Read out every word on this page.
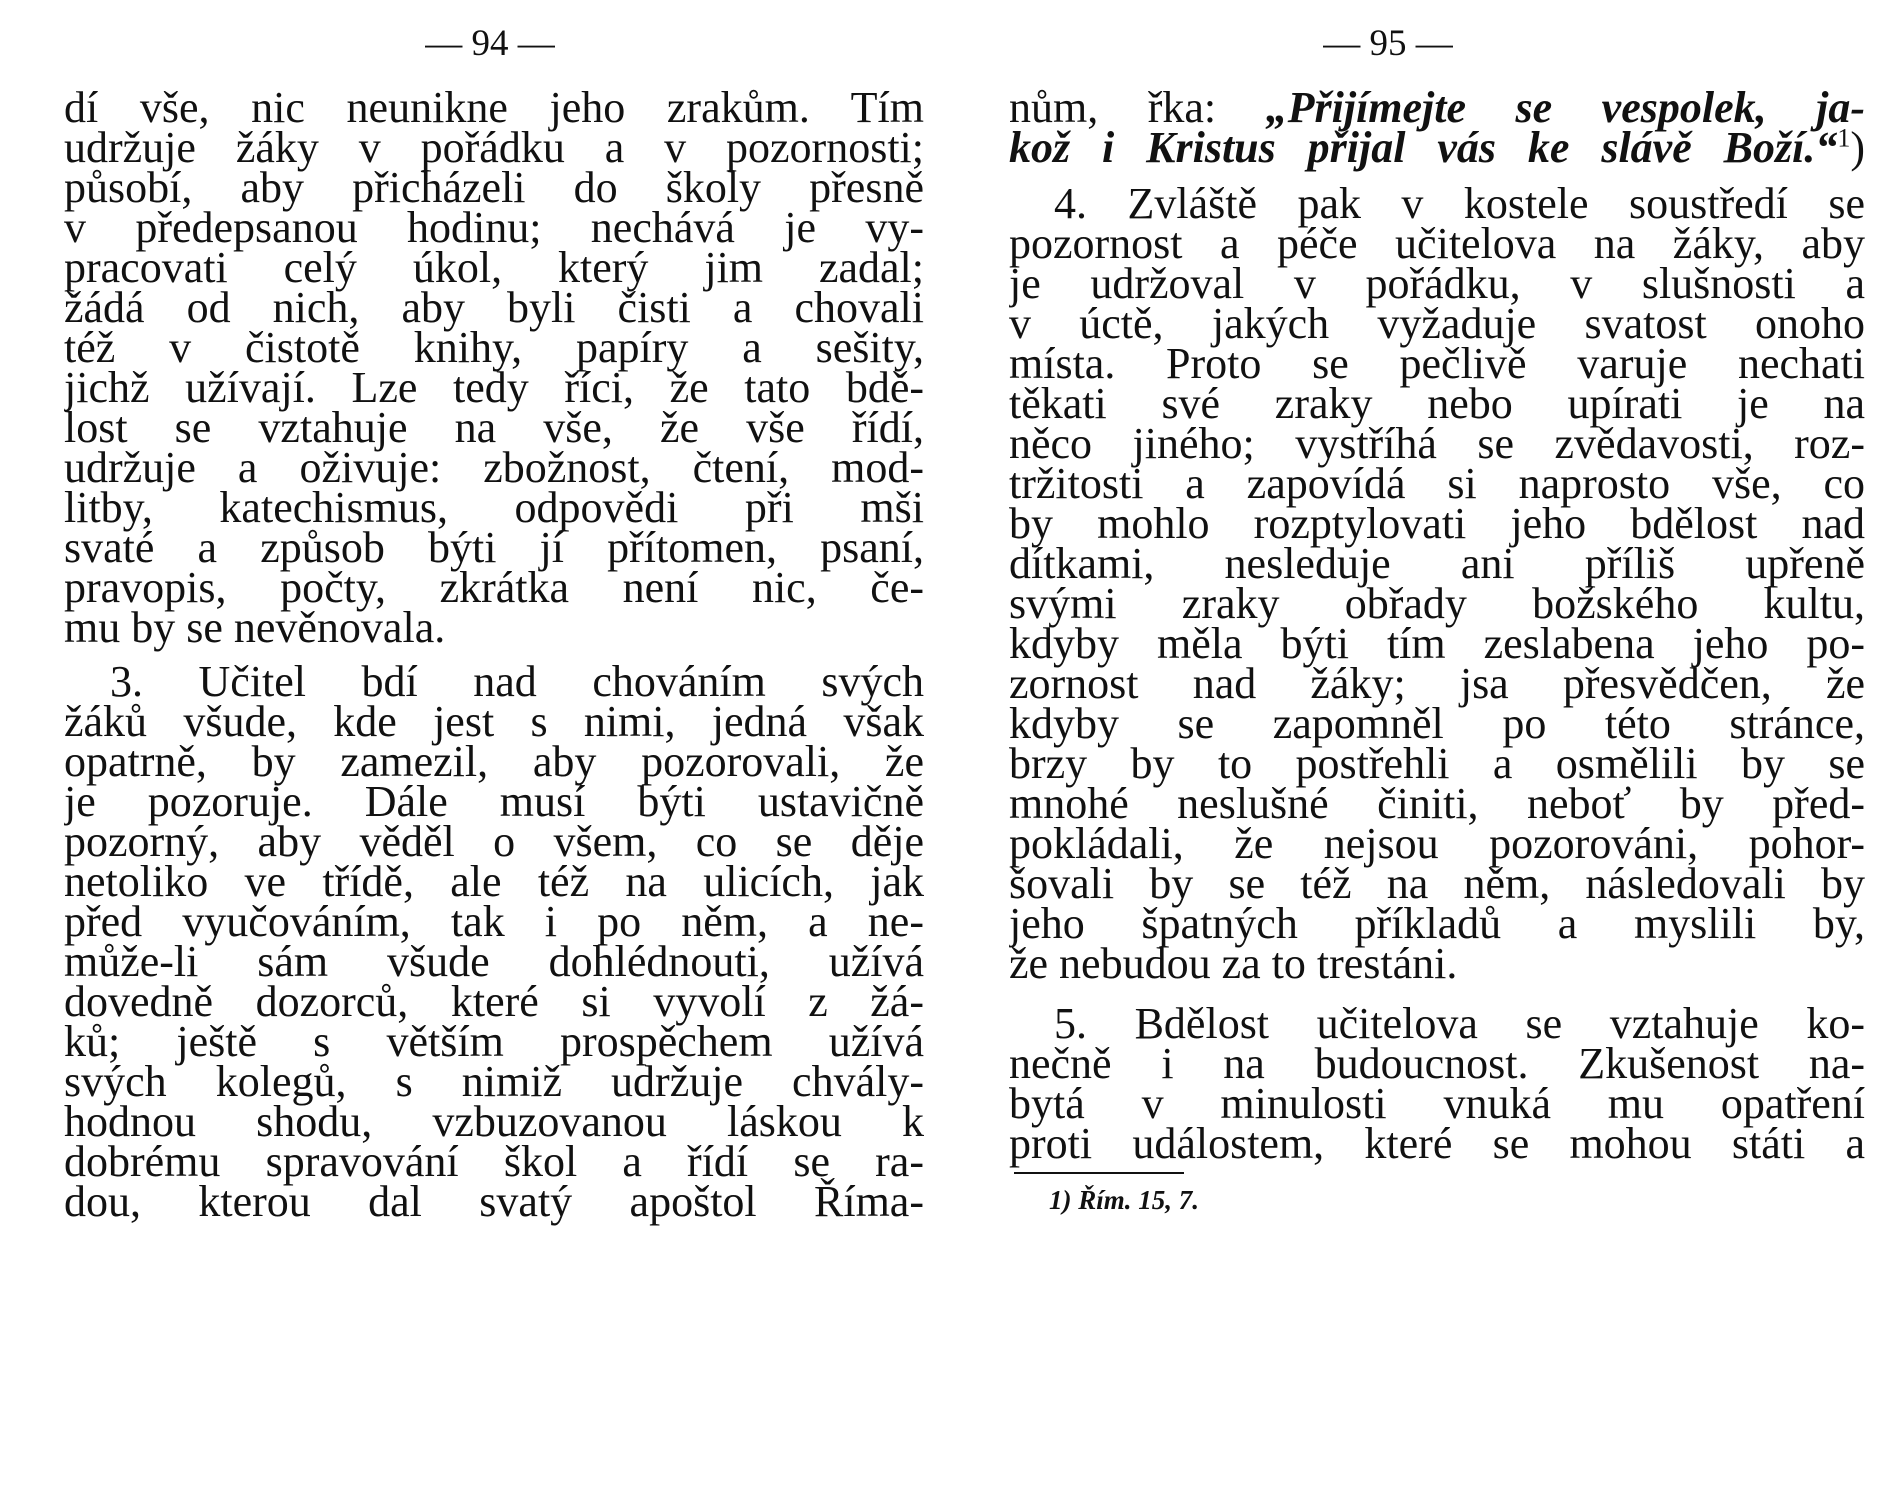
— 94 —
dí vše, nic neunikne jeho zrakům. Tím
udržuje žáky v pořádku a v pozornosti;
působí, aby přicházeli do školy přesně
v předepsanou hodinu; nechává je vy-
pracovati celý úkol, který jim zadal;
žádá od nich, aby byli čisti a chovali
též v čistotě knihy, papíry a sešity,
jichž užívají. Lze tedy říci, že tato bdě-
lost se vztahuje na vše, že vše řídí,
udržuje a oživuje: zbožnost, čtení, mod-
litby, katechismus, odpovědi při mši
svaté a způsob býti jí přítomen, psaní,
pravopis, počty, zkrátka není nic, če-
mu by se nevěnovala.
3. Učitel bdí nad chováním svých
žáků všude, kde jest s nimi, jedná však
opatrně, by zamezil, aby pozorovali, že
je pozoruje. Dále musí býti ustavičně
pozorný, aby věděl o všem, co se děje
netoliko ve třídě, ale též na ulicích, jak
před vyučováním, tak i po něm, a ne-
může-li sám všude dohlédnouti, užívá
dovedně dozorců, které si vyvolí z žá-
ků; ještě s větším prospěchem užívá
svých kolegů, s nimiž udržuje chvály-
hodnou shodu, vzbuzovanou láskou k
dobrému spravování škol a řídí se ra-
dou, kterou dal svatý apoštol Říma-
— 95 —
nům, řka: „Přijímejte se vespolek, ja-
kož i Kristus přijal vás ke slávě Boží.“$^1$)
4. Zvláště pak v kostele soustředí se
pozornost a péče učitelova na žáky, aby
je udržoval v pořádku, v slušnosti a
v úctě, jakých vyžaduje svatost onoho
místa. Proto se pečlivě varuje nechati
těkati své zraky nebo upírati je na
něco jiného; vystříhá se zvědavosti, roz-
tržitosti a zapovídá si naprosto vše, co
by mohlo rozptylovati jeho bdělost nad
dítkami, nesleduje ani příliš upřeně
svými zraky obřady božského kultu,
kdyby měla býti tím zeslabena jeho po-
zornost nad žáky; jsa přesvědčen, že
kdyby se zapomněl po této stránce,
brzy by to postřehli a osmělili by se
mnohé neslušné činiti, neboť by před-
pokládali, že nejsou pozorováni, pohor-
šovali by se též na něm, následovali by
jeho špatných příkladů a myslili by,
že nebudou za to trestáni.
5. Bdělost učitelova se vztahuje ko-
nečně i na budoucnost. Zkušenost na-
bytá v minulosti vnuká mu opatření
proti událostem, které se mohou státi a
1) Řím. 15, 7.
